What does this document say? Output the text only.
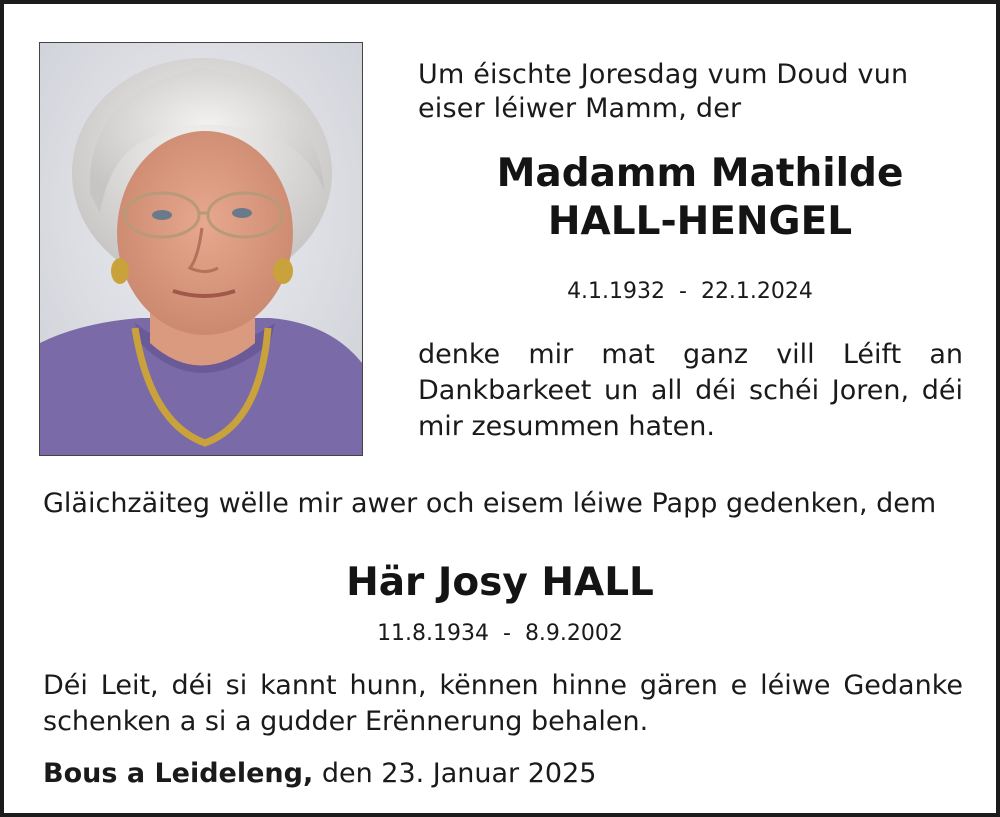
Um éischte Joresdag vum Doud vun
eiser léiwer Mamm, der
Madamm Mathilde
HALL-HENGEL
4.1.1932  -  22.1.2024
denke mir mat ganz vill Léift an Dankbarkeet un all déi schéi Joren, déi mir zesummen haten.
Gläichzäiteg wëlle mir awer och eisem léiwe Papp gedenken, dem
Här Josy HALL
11.8.1934  -  8.9.2002
Déi Leit, déi si kannt hunn, kënnen hinne gären e léiwe Gedanke schenken a si a gudder Erënnerung behalen.
Bous a Leideleng, den 23. Januar 2025
